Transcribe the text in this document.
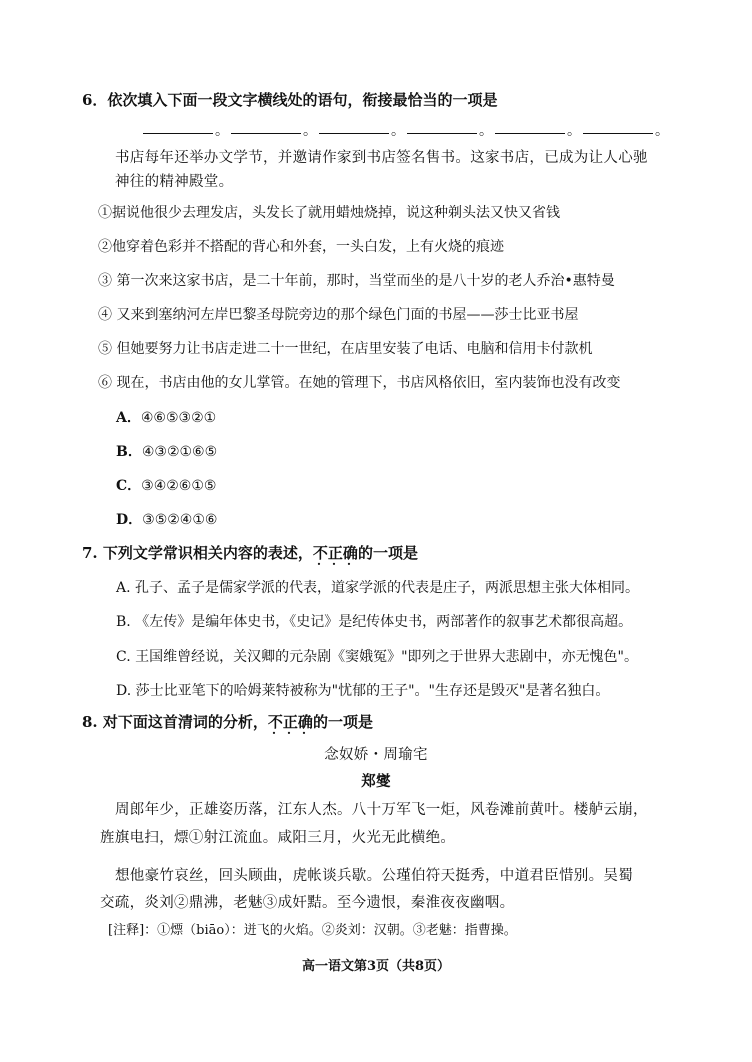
6．依次填入下面一段文字横线处的语句，衔接最恰当的一项是
。	。	。	。	。	。
书店每年还举办文学节，并邀请作家到书店签名售书。这家书店，已成为让人心驰
神往的精神殿堂。
①据说他很少去理发店，头发长了就用蜡烛烧掉，说这种剃头法又快又省钱
②他穿着色彩并不搭配的背心和外套，一头白发，上有火烧的痕迹
③ 第一次来这家书店，是二十年前，那时，当堂而坐的是八十岁的老人乔治•惠特曼
④ 又来到塞纳河左岸巴黎圣母院旁边的那个绿色门面的书屋——莎士比亚书屋
⑤ 但她要努力让书店走进二十一世纪，在店里安装了电话、电脑和信用卡付款机
⑥ 现在，书店由他的女儿掌管。在她的管理下，书店风格依旧，室内装饰也没有改变
A．④⑥⑤③②①
B．④③②①⑥⑤
C．③④②⑥①⑤
D．③⑤②④①⑥
7. 下列文学常识相关内容的表述，不正确的一项是
A. 孔子、孟子是儒家学派的代表，道家学派的代表是庄子，两派思想主张大体相同。
B. 《左传》是编年体史书，《史记》是纪传体史书，两部著作的叙事艺术都很高超。
C. 王国维曾经说，关汉卿的元杂剧《窦娥冤》"即列之于世界大悲剧中，亦无愧色"。
D. 莎士比亚笔下的哈姆莱特被称为"忧郁的王子"。"生存还是毁灭"是著名独白。
8. 对下面这首清词的分析，不正确的一项是
念奴娇・周瑜宅
郑燮
周郎年少，正雄姿历落，江东人杰。八十万军飞一炬，风卷滩前黄叶。楼舻云崩，
旌旗电扫，熛①射江流血。咸阳三月，火光无此横绝。
想他豪竹哀丝，回头顾曲，虎帐谈兵歇。公瑾伯符天挺秀，中道君臣惜别。吴蜀
交疏，炎刘②鼎沸，老魅③成奸黠。至今遗恨，秦淮夜夜幽咽。
[注释]：①熛（biāo）：迸飞的火焰。②炎刘：汉朝。③老魅：指曹操。
高一语文第3页（共8页）
